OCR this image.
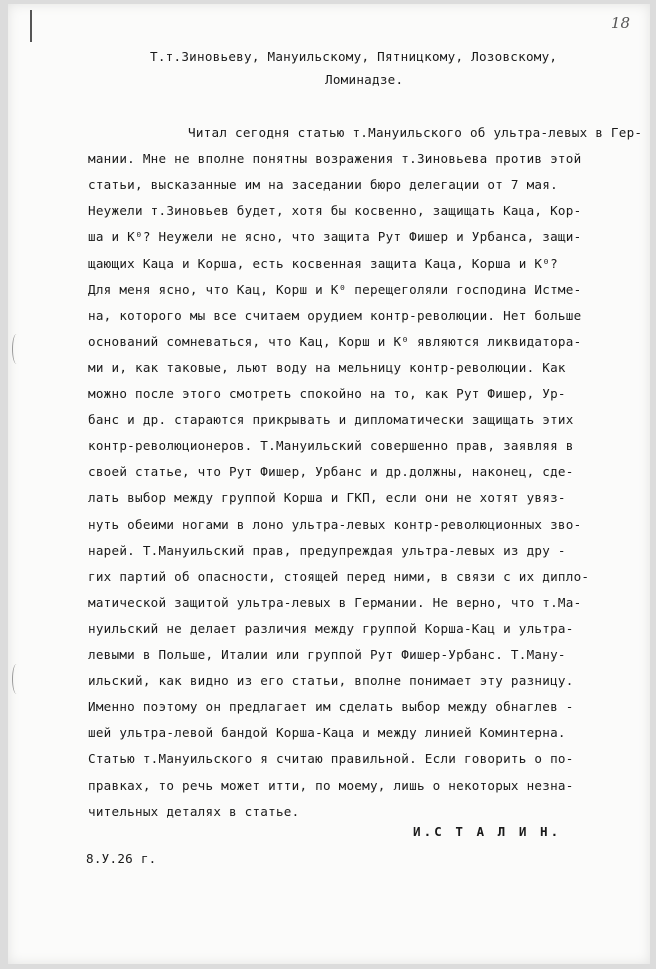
18
Т.т.Зиновьеву, Мануильскому, Пятницкому, Лозовскому,
Ломинадзе.
Читал сегодня статью т.Мануильского об ультра-левых в Гер-
мании. Мне не вполне понятны возражения т.Зиновьева против этой
статьи, высказанные им на заседании бюро делегации от 7 мая.
Неужели т.Зиновьев будет, хотя бы косвенно, защищать Каца, Кор-
ша и К⁰? Неужели не ясно, что защита Рут Фишер и Урбанса, защи-
щающих Каца и Корша, есть косвенная защита Каца, Корша и К⁰?
Для меня ясно, что Кац, Корш и К⁰ перещеголяли господина Истме-
на, которого мы все считаем орудием контр-революции. Нет больше
оснований сомневаться, что Кац, Корш и К⁰ являются ликвидатора-
ми и, как таковые, льют воду на мельницу контр-революции. Как
можно после этого смотреть спокойно на то, как Рут Фишер, Ур-
банс и др. стараются прикрывать и дипломатически защищать этих
контр-революционеров. Т.Мануильский совершенно прав, заявляя в
своей статье, что Рут Фишер, Урбанс и др.должны, наконец, сде-
лать выбор между группой Корша и ГКП, если они не хотят увяз-
нуть обеими ногами в лоно ультра-левых контр-революционных зво-
нарей. Т.Мануильский прав, предупреждая ультра-левых из дру -
гих партий об опасности, стоящей перед ними, в связи с их дипло-
матической защитой ультра-левых в Германии. Не верно, что т.Ма-
нуильский не делает различия между группой Корша-Кац и ультра-
левыми в Польше, Италии или группой Рут Фишер-Урбанс. Т.Ману-
ильский, как видно из его статьи, вполне понимает эту разницу.
Именно поэтому он предлагает им сделать выбор между обнаглев -
шей ультра-левой бандой Корша-Каца и между линией Коминтерна.
Статью т.Мануильского я считаю правильной. Если говорить о по-
правках, то речь может итти, по моему, лишь о некоторых незна-
чительных деталях в статье.
И.С Т А Л И Н.
8.У.26 г.
